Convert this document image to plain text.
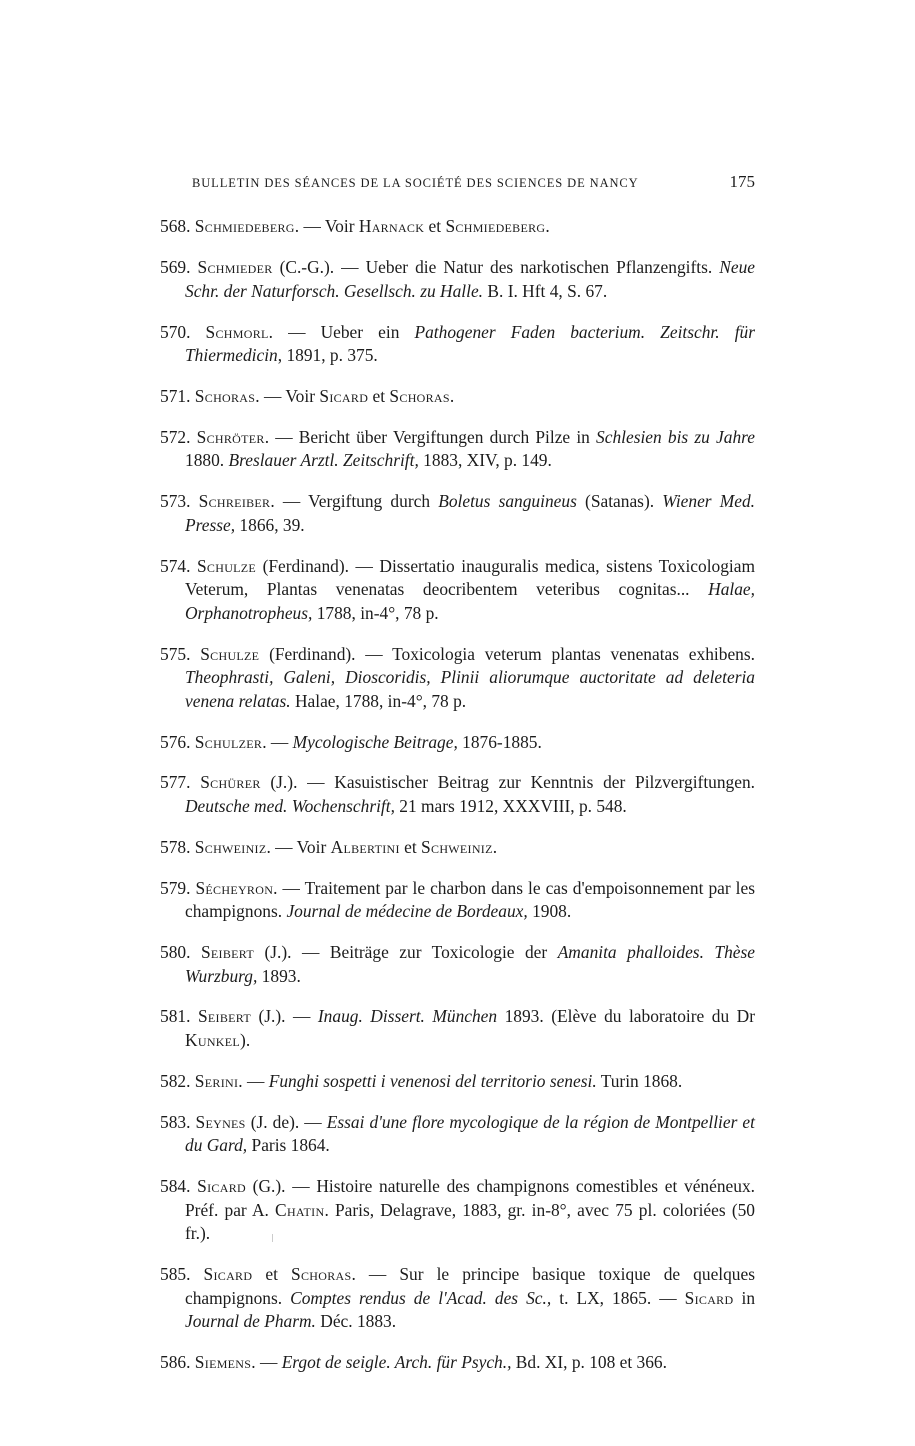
BULLETIN DES SÉANCES DE LA SOCIÉTÉ DES SCIENCES DE NANCY	175

568. Schmiedeberg. — Voir Harnack et Schmiedeberg.

569. Schmieder (C.-G.). — Ueber die Natur des narkotischen Pflanzengifts. Neue Schr. der Naturforsch. Gesellsch. zu Halle. B. I. Hft 4, S. 67.

570. Schmorl. — Ueber ein Pathogener Faden bacterium. Zeitschr. für Thiermedicin, 1891, p. 375.

571. Schoras. — Voir Sicard et Schoras.

572. Schröter. — Bericht über Vergiftungen durch Pilze in Schlesien bis zu Jahre 1880. Breslauer Arztl. Zeitschrift, 1883, XIV, p. 149.

573. Schreiber. — Vergiftung durch Boletus sanguineus (Satanas). Wiener Med. Presse, 1866, 39.

574. Schulze (Ferdinand). — Dissertatio inauguralis medica, sistens Toxicologiam Veterum, Plantas venenatas deocribentem veteribus cognitas... Halae, Orphanotropheus, 1788, in-4°, 78 p.

575. Schulze (Ferdinand). — Toxicologia veterum plantas venenatas exhibens. Theophrasti, Galeni, Dioscoridis, Plinii aliorumque auctoritate ad deleteria venena relatas. Halae, 1788, in-4°, 78 p.

576. Schulzer. — Mycologische Beitrage, 1876-1885.

577. Schürer (J.). — Kasuistischer Beitrag zur Kenntnis der Pilzvergiftungen. Deutsche med. Wochenschrift, 21 mars 1912, XXXVIII, p. 548.

578. Schweiniz. — Voir Albertini et Schweiniz.

579. Sécheyron. — Traitement par le charbon dans le cas d'empoisonnement par les champignons. Journal de médecine de Bordeaux, 1908.

580. Seibert (J.). — Beiträge zur Toxicologie der Amanita phalloides. Thèse Wurzburg, 1893.

581. Seibert (J.). — Inaug. Dissert. München 1893. (Elève du laboratoire du Dr Kunkel).

582. Serini. — Funghi sospetti i venenosi del territorio senesi. Turin 1868.

583. Seynes (J. de). — Essai d'une flore mycologique de la région de Montpellier et du Gard, Paris 1864.

584. Sicard (G.). — Histoire naturelle des champignons comestibles et vénéneux. Préf. par A. Chatin. Paris, Delagrave, 1883, gr. in-8°, avec 75 pl. coloriées (50 fr.).

585. Sicard et Schoras. — Sur le principe basique toxique de quelques champignons. Comptes rendus de l'Acad. des Sc., t. LX, 1865. — Sicard in Journal de Pharm. Déc. 1883.

586. Siemens. — Ergot de seigle. Arch. für Psych., Bd. XI, p. 108 et 366.
